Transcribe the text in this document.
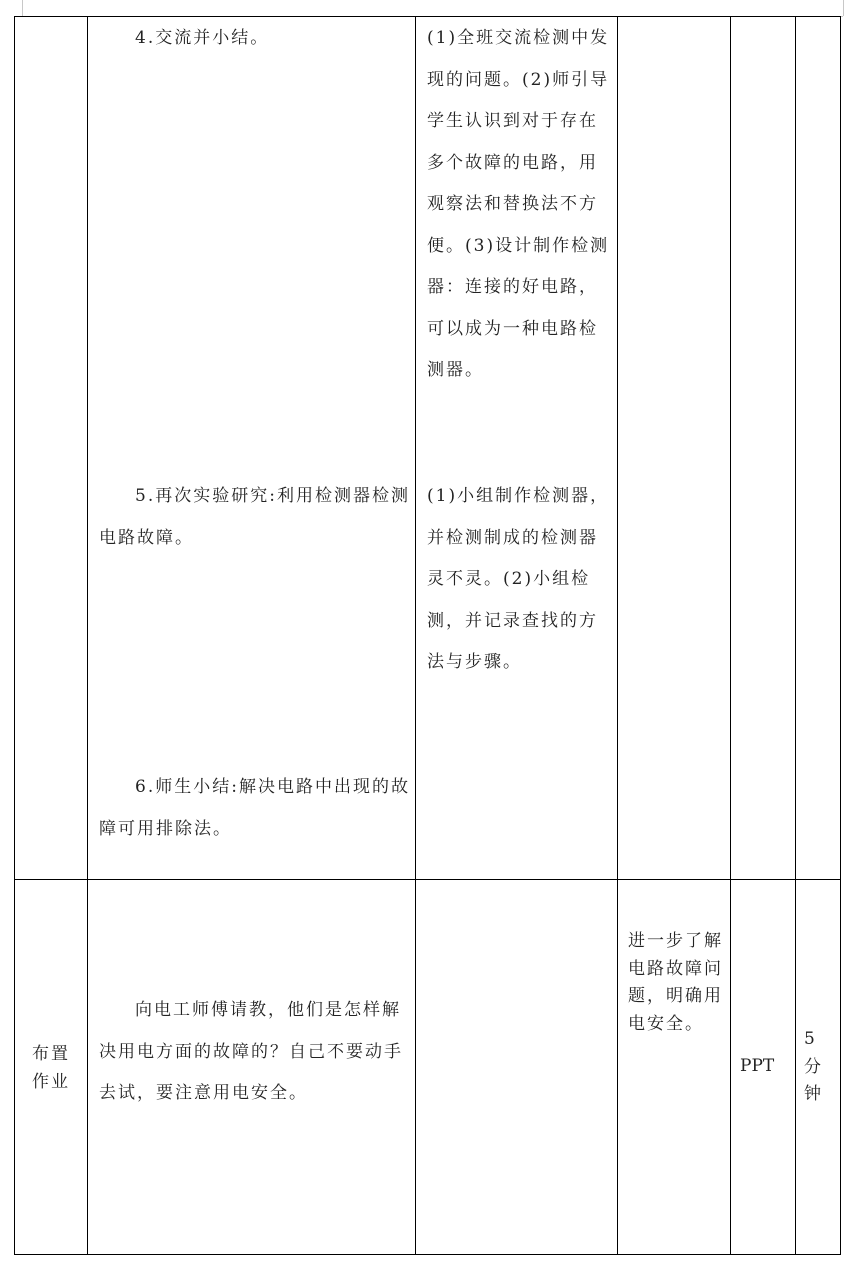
4.交流并小结。
5.再次实验研究:利用检测器检测电路故障。
6.师生小结:解决电路中出现的故障可用排除法。
(1)全班交流检测中发现的问题。(2)师引导学生认识到对于存在多个故障的电路，用观察法和替换法不方便。(3)设计制作检测器：连接的好电路，可以成为一种电路检测器。
(1)小组制作检测器，并检测制成的检测器灵不灵。(2)小组检测，并记录查找的方法与步骤。
布置作业
向电工师傅请教，他们是怎样解决用电方面的故障的？自己不要动手去试，要注意用电安全。
进一步了解电路故障问题，明确用电安全。
PPT
5分钟
